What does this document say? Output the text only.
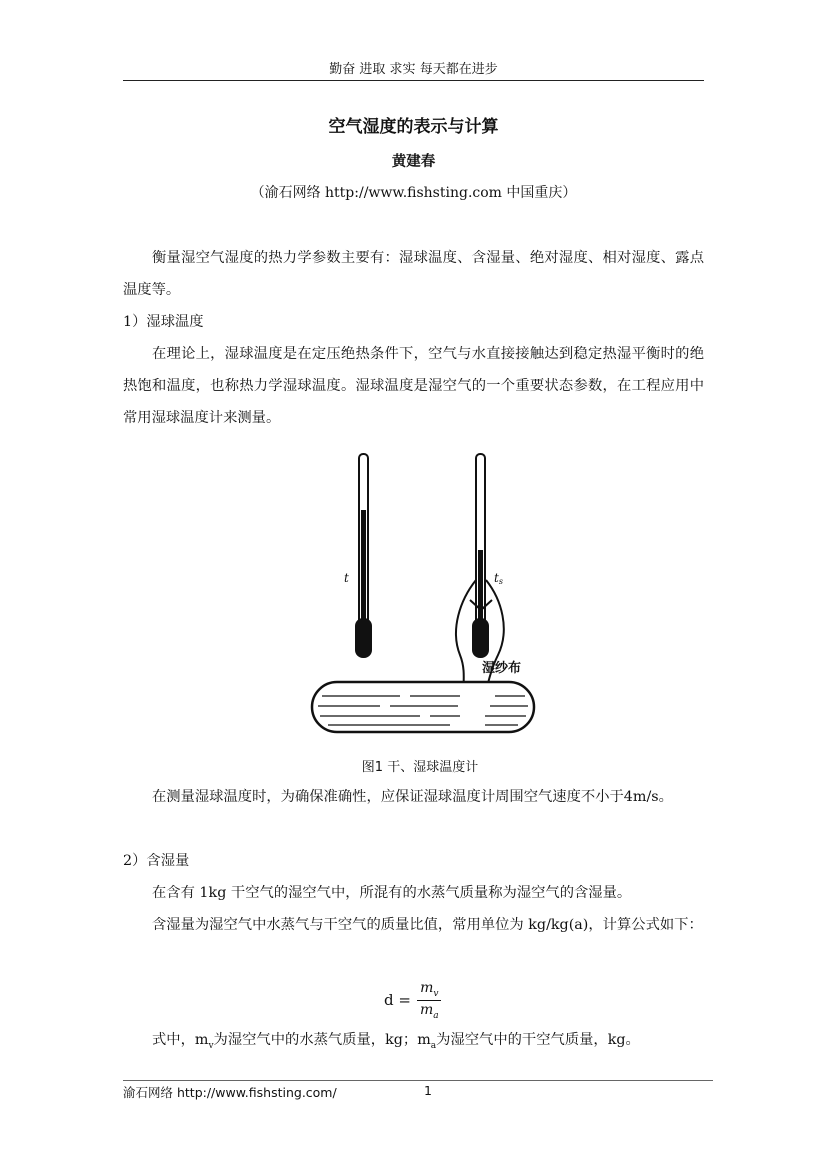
勤奋 进取 求实 每天都在进步
空气湿度的表示与计算
黄建春
（渝石网络 http://www.fishsting.com 中国重庆）

衡量湿空气湿度的热力学参数主要有：湿球温度、含湿量、绝对湿度、相对湿度、露点温度等。

1）湿球温度

在理论上，湿球温度是在定压绝热条件下，空气与水直接接触达到稳定热湿平衡时的绝热饱和温度，也称热力学湿球温度。湿球温度是湿空气的一个重要状态参数，在工程应用中常用湿球温度计来测量。

t	ts
湿纱布
图1 干、湿球温度计

在测量湿球温度时，为确保准确性，应保证湿球温度计周围空气速度不小于4m/s。

2）含湿量

在含有 1kg 干空气的湿空气中，所混有的水蒸气质量称为湿空气的含湿量。

含湿量为湿空气中水蒸气与干空气的质量比值，常用单位为 kg/kg(a)，计算公式如下：

$d = \frac{m_v}{m_a}$

式中，$m_v$为湿空气中的水蒸气质量，kg；$m_a$为湿空气中的干空气质量，kg。

渝石网络 http://www.fishsting.com/	1
